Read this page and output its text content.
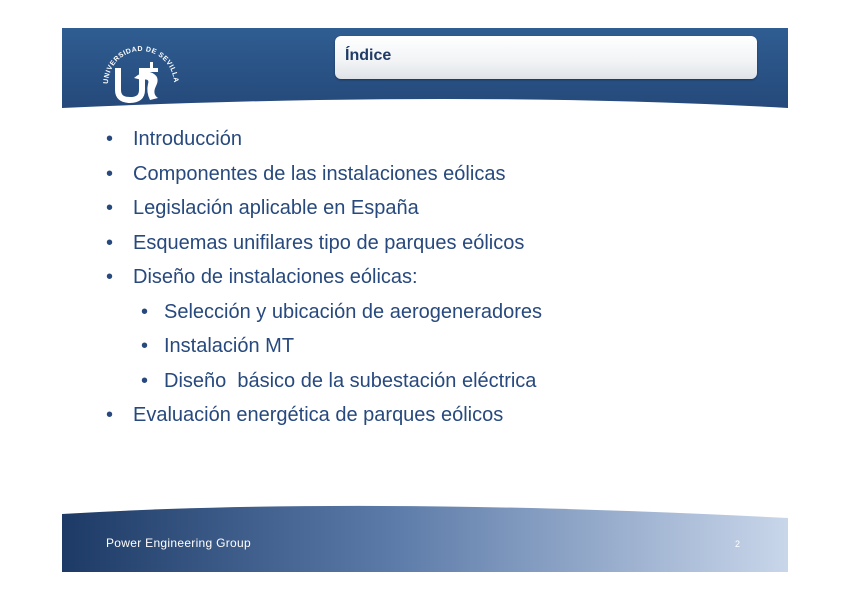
UNIVERSIDAD DE SEVILLA
Índice
• Introducción
• Componentes de las instalaciones eólicas
• Legislación aplicable en España
• Esquemas unifilares tipo de parques eólicos
• Diseño de instalaciones eólicas:
• Selección y ubicación de aerogeneradores
• Instalación MT
• Diseño  básico de la subestación eléctrica
• Evaluación energética de parques eólicos
Power Engineering Group	2
